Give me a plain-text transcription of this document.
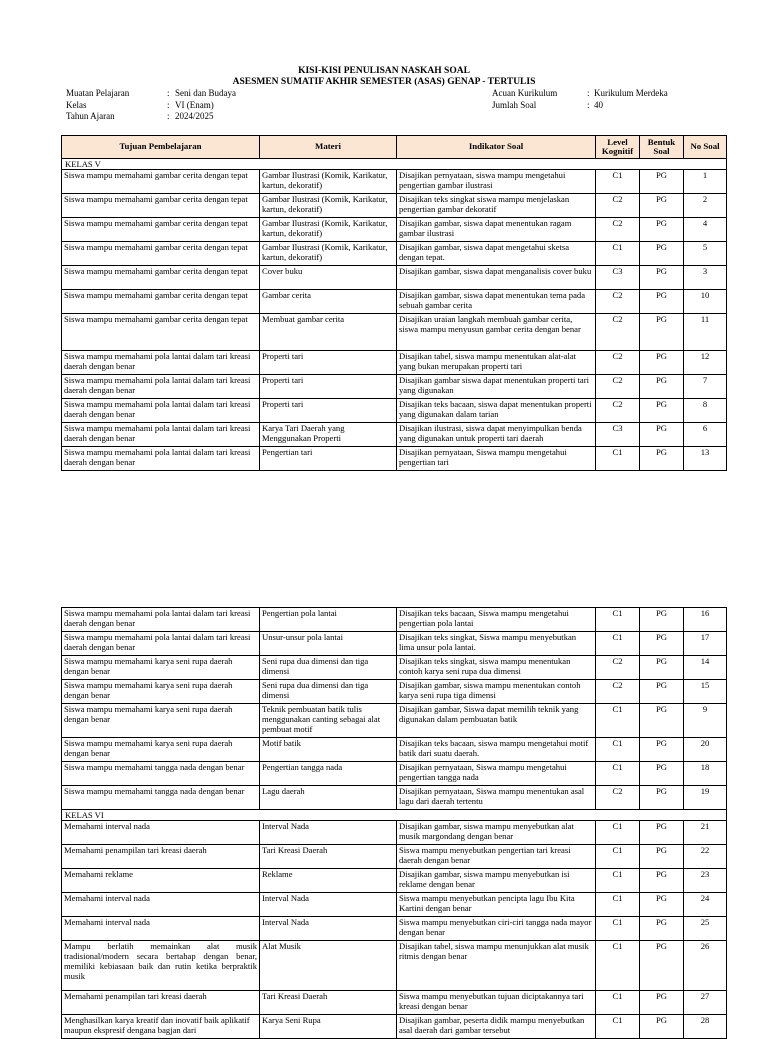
KISI-KISI PENULISAN NASKAH SOAL
ASESMEN SUMATIF AKHIR SEMESTER (ASAS) GENAP - TERTULIS
Muatan Pelajaran	: Seni dan Budaya
Kelas	: VI (Enam)
Tahun Ajaran	: 2024/2025
Acuan Kurikulum	: Kurikulum Merdeka
Jumlah Soal	: 40
Tujuan Pembelajaran	Materi	Indikator Soal	Level Kognitif	Bentuk Soal	No Soal
KELAS V					
Siswa mampu memahami gambar cerita dengan tepat	Gambar Ilustrasi (Komik, Karikatur, kartun, dekoratif)	Disajikan pernyataan, siswa mampu mengetahui pengertian gambar ilustrasi	C1	PG	1
Siswa mampu memahami gambar cerita dengan tepat	Gambar Ilustrasi (Komik, Karikatur, kartun, dekoratif)	Disajikan teks singkat siswa mampu menjelaskan pengertian gambar dekoratif	C2	PG	2
Siswa mampu memahami gambar cerita dengan tepat	Gambar Ilustrasi (Komik, Karikatur, kartun, dekoratif)	Disajikan gambar, siswa dapat menentukan ragam gambar ilustrasi	C2	PG	4
Siswa mampu memahami gambar cerita dengan tepat	Gambar Ilustrasi (Komik, Karikatur, kartun, dekoratif)	Disajikan gambar, siswa dapat mengetahui sketsa dengan tepat.	C1	PG	5
Siswa mampu memahami gambar cerita dengan tepat	Cover buku	Disajikan gambar, siswa dapat menganalisis cover buku	C3	PG	3
Siswa mampu memahami gambar cerita dengan tepat	Gambar cerita	Disajikan gambar, siswa dapat menentukan tema pada sebuah gambar cerita	C2	PG	10
Siswa mampu memahami gambar cerita dengan tepat	Membuat gambar cerita	Disajikan uraian langkah membuah gambar cerita, siswa mampu menyusun gambar cerita dengan benar	C2	PG	11
Siswa mampu memahami pola lantai dalam tari kreasi daerah dengan benar	Properti tari	Disajikan tabel, siswa mampu menentukan alat-alat yang bukan merupakan properti tari	C2	PG	12
Siswa mampu memahami pola lantai dalam tari kreasi daerah dengan benar	Properti tari	Disajikan gambar siswa dapat menentukan properti tari yang digunakan	C2	PG	7
Siswa mampu memahami pola lantai dalam tari kreasi daerah dengan benar	Properti tari	Disajikan teks bacaan, siswa dapat menentukan properti yang digunakan dalam tarian	C2	PG	8
Siswa mampu memahami pola lantai dalam tari kreasi daerah dengan benar	Karya Tari Daerah yang Menggunakan Properti	Disajikan ilustrasi, siswa dapat menyimpulkan benda yang digunakan untuk properti tari daerah	C3	PG	6
Siswa mampu memahami pola lantai dalam tari kreasi daerah dengan benar	Pengertian tari	Disajikan pernyataan, Siswa mampu mengetahui pengertian tari	C1	PG	13
Siswa mampu memahami pola lantai dalam tari kreasi daerah dengan benar	Pengertian pola lantai	Disajikan teks bacaan, Siswa mampu mengetahui pengertian pola lantai	C1	PG	16
Siswa mampu memahami pola lantai dalam tari kreasi daerah dengan benar	Unsur-unsur pola lantai	Disajikan teks singkat, Siswa mampu menyebutkan lima unsur pola lantai.	C1	PG	17
Siswa mampu memahami karya seni rupa daerah dengan benar	Seni rupa dua dimensi dan tiga dimensi	Disajikan teks singkat, siswa mampu menentukan contoh karya seni rupa dua dimensi	C2	PG	14
Siswa mampu memahami karya seni rupa daerah dengan benar	Seni rupa dua dimensi dan tiga dimensi	Disajikan gambar, siswa mampu menentukan contoh karya seni rupa tiga dimensi	C2	PG	15
Siswa mampu memahami karya seni rupa daerah dengan benar	Teknik pembuatan batik tulis menggunakan canting sebagai alat pembuat motif	Disajikan gambar, Siswa dapat memilih teknik yang digunakan dalam pembuatan batik	C1	PG	9
Siswa mampu memahami karya seni rupa daerah dengan benar	Motif batik	Disajikan teks bacaan, siswa mampu mengetahui motif batik dari suatu daerah.	C1	PG	20
Siswa mampu memahami tangga nada dengan benar	Pengertian tangga nada	Disajikan pernyataan, Siswa mampu mengetahui pengertian tangga nada	C1	PG	18
Siswa mampu memahami tangga nada dengan benar	Lagu daerah	Disajikan pernyataan, Siswa mampu menentukan asal lagu dari daerah tertentu	C2	PG	19
KELAS VI					
Memahami interval nada	Interval Nada	Disajikan gambar, siswa mampu menyebutkan alat musik margondang dengan benar	C1	PG	21
Memahami penampilan tari kreasi daerah	Tari Kreasi Daerah	Siswa mampu menyebutkan pengertian tari kreasi daerah dengan benar	C1	PG	22
Memahami reklame	Reklame	Disajikan gambar, siswa mampu menyebutkan isi reklame dengan benar	C1	PG	23
Memahami interval nada	Interval Nada	Siswa mampu menyebutkan pencipta lagu Ibu Kita Kartini dengan benar	C1	PG	24
Memahami interval nada	Interval Nada	Siswa mampu menyebutkan ciri-ciri tangga nada mayor dengan benar	C1	PG	25
Mampu berlatih memainkan alat musik tradisional/modern secara bertahap dengan benar, memiliki kebiasaan baik dan rutin ketika berpraktik musik	Alat Musik	Disajikan tabel, siswa mampu menunjukkan alat musik ritmis dengan benar	C1	PG	26
Memahami penampilan tari kreasi daerah	Tari Kreasi Daerah	Siswa mampu menyebutkan tujuan diciptakannya tari kreasi dengan benar	C1	PG	27
Menghasilkan karya kreatif dan inovatif baik aplikatif maupun ekspresif dengana bagjan dari	Karya Seni Rupa	Disajikan gambar, peserta didik mampu menyebutkan asal daerah dari gambar tersebut	C1	PG	28
